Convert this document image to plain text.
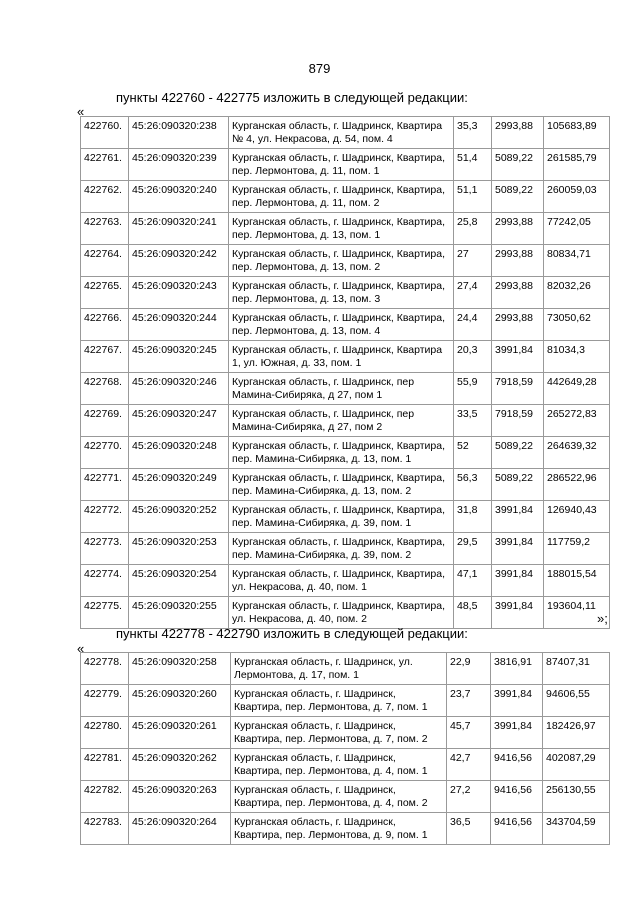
879
пункты 422760 - 422775 изложить в следующей редакции:
«
422760.	45:26:090320:238	Курганская область, г. Шадринск, Квартира
№ 4, ул. Некрасова, д. 54, пом. 4	35,3	2993,88	105683,89
422761.	45:26:090320:239	Курганская область, г. Шадринск, Квартира,
пер. Лермонтова, д. 11, пом. 1	51,4	5089,22	261585,79
422762.	45:26:090320:240	Курганская область, г. Шадринск, Квартира,
пер. Лермонтова, д. 11, пом. 2	51,1	5089,22	260059,03
422763.	45:26:090320:241	Курганская область, г. Шадринск, Квартира,
пер. Лермонтова, д. 13, пом. 1	25,8	2993,88	77242,05
422764.	45:26:090320:242	Курганская область, г. Шадринск, Квартира,
пер. Лермонтова, д. 13, пом. 2	27	2993,88	80834,71
422765.	45:26:090320:243	Курганская область, г. Шадринск, Квартира,
пер. Лермонтова, д. 13, пом. 3	27,4	2993,88	82032,26
422766.	45:26:090320:244	Курганская область, г. Шадринск, Квартира,
пер. Лермонтова, д. 13, пом. 4	24,4	2993,88	73050,62
422767.	45:26:090320:245	Курганская область, г. Шадринск, Квартира
1, ул. Южная, д. 33, пом. 1	20,3	3991,84	81034,3
422768.	45:26:090320:246	Курганская область, г. Шадринск, пер
Мамина-Сибиряка, д 27, пом 1	55,9	7918,59	442649,28
422769.	45:26:090320:247	Курганская область, г. Шадринск, пер
Мамина-Сибиряка, д 27, пом 2	33,5	7918,59	265272,83
422770.	45:26:090320:248	Курганская область, г. Шадринск, Квартира,
пер. Мамина-Сибиряка, д. 13, пом. 1	52	5089,22	264639,32
422771.	45:26:090320:249	Курганская область, г. Шадринск, Квартира,
пер. Мамина-Сибиряка, д. 13, пом. 2	56,3	5089,22	286522,96
422772.	45:26:090320:252	Курганская область, г. Шадринск, Квартира,
пер. Мамина-Сибиряка, д. 39, пом. 1	31,8	3991,84	126940,43
422773.	45:26:090320:253	Курганская область, г. Шадринск, Квартира,
пер. Мамина-Сибиряка, д. 39, пом. 2	29,5	3991,84	117759,2
422774.	45:26:090320:254	Курганская область, г. Шадринск, Квартира,
ул. Некрасова, д. 40, пом. 1	47,1	3991,84	188015,54
422775.	45:26:090320:255	Курганская область, г. Шадринск, Квартира,
ул. Некрасова, д. 40, пом. 2	48,5	3991,84	193604,11
»;
пункты 422778 - 422790 изложить в следующей редакции:
«
422778.	45:26:090320:258	Курганская область, г. Шадринск, ул.
Лермонтова, д. 17, пом. 1	22,9	3816,91	87407,31
422779.	45:26:090320:260	Курганская область, г. Шадринск,
Квартира, пер. Лермонтова, д. 7, пом. 1	23,7	3991,84	94606,55
422780.	45:26:090320:261	Курганская область, г. Шадринск,
Квартира, пер. Лермонтова, д. 7, пом. 2	45,7	3991,84	182426,97
422781.	45:26:090320:262	Курганская область, г. Шадринск,
Квартира, пер. Лермонтова, д. 4, пом. 1	42,7	9416,56	402087,29
422782.	45:26:090320:263	Курганская область, г. Шадринск,
Квартира, пер. Лермонтова, д. 4, пом. 2	27,2	9416,56	256130,55
422783.	45:26:090320:264	Курганская область, г. Шадринск,
Квартира, пер. Лермонтова, д. 9, пом. 1	36,5	9416,56	343704,59
